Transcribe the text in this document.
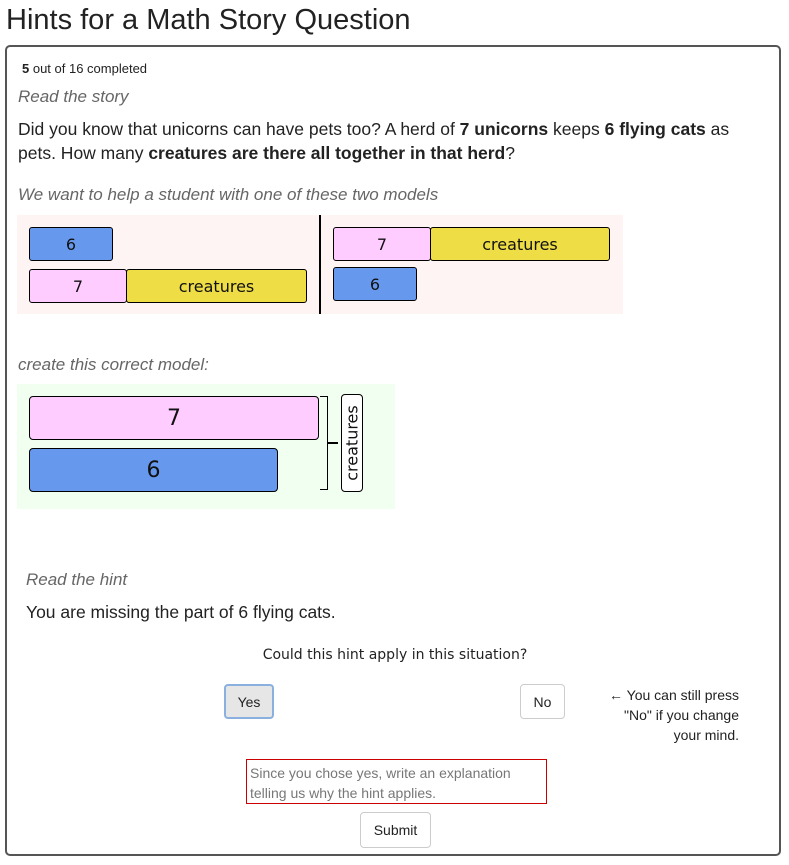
Hints for a Math Story Question
5 out of 16 completed
Read the story
Did you know that unicorns can have pets too? A herd of 7 unicorns keeps 6 flying cats as pets. How many creatures are there all together in that herd?
We want to help a student with one of these two models
6
7	creatures
7	creatures
6
create this correct model:
7
6	creatures
Read the hint
You are missing the part of 6 flying cats.
Could this hint apply in this situation?
Yes	No	← You can still press
"No" if you change
your mind.
Since you chose yes, write an explanation telling us why the hint applies.
Submit
